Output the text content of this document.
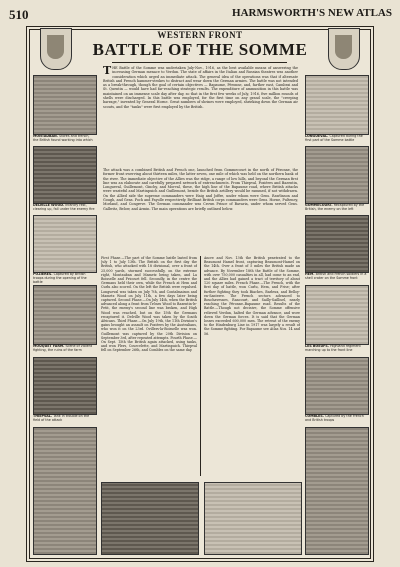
510	HARMSWORTH'S NEW ATLAS
WESTERN FRONT
BATTLE OF THE SOMME
THE Battle of the Somme was undertaken July-Nov., 1916, as the best available means of answering the increasing German menace to Verdun. The state of affairs in the Italian and Russian theatres was another consideration which urged an immediate attack. The general idea of the operations was that if alternate British and French hammer-strokes to distract and wear down the German armies. The battle was not intended as a break-through, though the goal of certain objectives — Bapaume, Péronne, and, farther east, Cambrai and St. Quentin — would have had far-reaching strategic results. The expenditure of ammunition in this battle was maintained on an immense scale day after day, so that in the first few weeks of July, 1916, five million rounds of shells were discharged. In this battle was employed, for the first time on any grand scale, the "creeping barrage," invented by General Horne. Great numbers of shrines were employed, shrieking down the German air scouts, and the "tanks" were first employed by the British.
The attack was a combined British and French one, launched from Gommecourt in the north of Péronne, the former front swerving about thirteen miles, the latter seven, one mile of which was held on the northern bank of the river. The immediate objective of the Allies was the ridge, a range of low hills, and beyond the German first line was an elaborate and carefully prepared network of entrenchments. From Thiepval, Pozières and Bazentin, Longueval, Guillemont, Ginchy, and Morval, these, the high line of the Bapaume road, where British attacks were wasteful and Martinpuich and Guillemont, beside the British artillery would be rammed, if not withdrawn. On the Allied side the supreme commanders were Haig and Joffre, under whom were Gens. Rawlinson and Gough, and Gens. Foch and Fayolle respectively. Brilliant British corps commanders were Gens. Horne, Pulteney, Morland, and Congreve. The German commander was Crown Prince of Bavaria, under whom served Gens. Gallwitz, Below, and Armin. The main operations are briefly outlined below.
MONTAUBAN. Stores and trench, the British found working into which
DELVILLE WOOD. Infantry rest, clearing up, fall under the enemy fire
POZIÈRES. Captured by British troops during the opening of the battle
MOUQUET FARM. Scene of violent fighting, the ruins of the farm
THIEPVAL. Tank in trouble on the field of the attack
LONGUEVAL. Captured during the first part of the Somme battle
GOMMECOURT. Recaptured by the British, the enemy on the left
HEM. British and French soldiers in a shell crater on the Somme front
LES BOEUFS. Highland regiment marching up to the front line
COMBLES. Captured by the French and British troops
First Phase.—The part of the Somme battle lasted from July 1 to July 13th. The British on the first day the British, who attacked with 18 divisional, over a front of 25,000 yards, stormed successfully, on the extreme right, Montauban and Mametz being taken, and La Boisselle and Fricourt fell. Secondly, in the centre the Germans held their own, while the French at Hem and Curlu also scored. On the left the British were repulsed. Longueval was taken on July 7th, and Contalmaison and Mametz Wood on July 11th, a few days later being captured. Second Phase.—On July 14th, when the British advanced along a front from Trônes Wood to Bazentin-le-Petit, the enemy's second line was broken, and High Wood was reached, but on the 15th the Germans recaptured it. Delville Wood was taken by the South Africans. Third Phase.—On July 19th, the 11th Division's gains brought an assault on Pozières by the Australians, who won it on the 23rd. Ovillers-la-Boisselle was won. Guillemont was captured by the 20th Division on September 3rd, after repeated attempts. Fourth Phase.—On Sept. 15th the British again attacked, using tanks, and won Flers, Courcelette, and Martinpuich. Thiepval fell on September 26th, and Combles on the same day.
Ancre and Nov. 13th the British penetrated to the Beaumont Hamel front, capturing Beaumont-Hamel on the 14th. Over a front of 5 miles the British made an advance. By November 18th the Battle of the Somme, with over 750,000 casualties in all, had come to an end, and the Allies had gained a tract of territory of about 120 square miles. French Phase.—The French, with the first day of battle, won Curlu, Hem, and Frise; after further fighting they took Biaches, Barleux, and Belloy-en-Santerre. The French sectors advanced to Bouchavesnes, Rancourt, and Sailly-Saillisel, nearly reaching the Péronne–Bapaume road. Results of the Battle.—Though not decisive, the Somme offensive relieved Verdun, halted the German advance, and wore down the German forces. It is said that the German losses exceeded 600,000 men. The retreat of the enemy to the Hindenburg Line in 1917 was largely a result of the Somme fighting. For Bapaume see Atlas Nos. 14 and 56.
